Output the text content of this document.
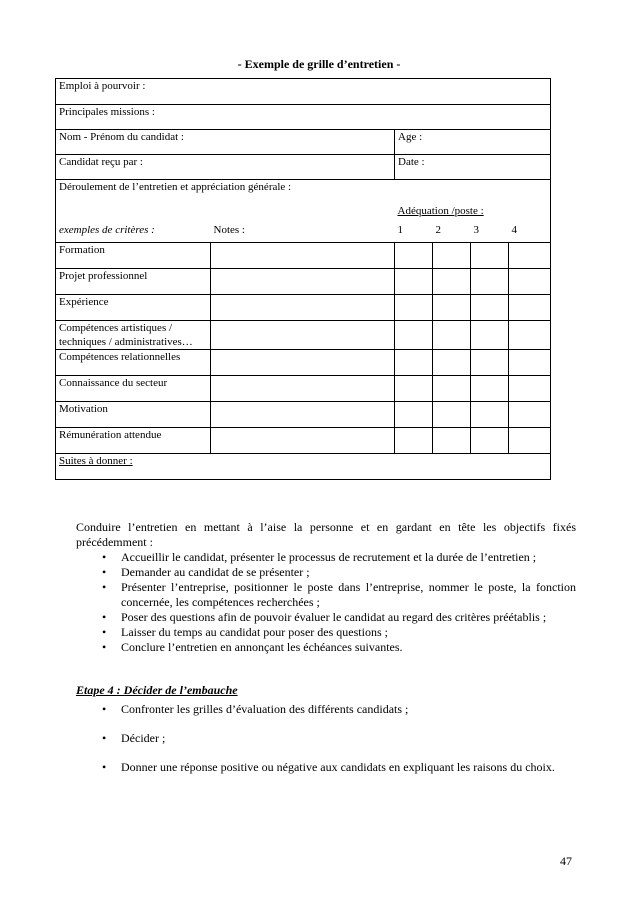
- Exemple de grille d’entretien -
Emploi à pourvoir :					
Principales missions :					
Nom - Prénom du candidat :		Age :			
Candidat reçu par :		Date :			
Déroulement de l’entretien et appréciation générale :					
		Adéquation /poste :			
exemples de critères :	Notes :	1	2	3	4
Formation					
Projet professionnel					
Expérience					
Compétences artistiques / techniques / administratives…					
Compétences relationnelles					
Connaissance du secteur					
Motivation					
Rémunération attendue					
Suites à donner :					
Conduire l’entretien en mettant à l’aise la personne et en gardant en tête les objectifs fixés précédemment :
• Accueillir le candidat, présenter le processus de recrutement et la durée de l’entretien ;
• Demander au candidat de se présenter ;
• Présenter l’entreprise, positionner le poste dans l’entreprise, nommer le poste, la fonction concernée, les compétences recherchées ;
• Poser des questions afin de pouvoir évaluer le candidat au regard des critères préétablis ;
• Laisser du temps au candidat pour poser des questions ;
• Conclure l’entretien en annonçant les échéances suivantes.
Etape 4 : Décider de l’embauche
• Confronter les grilles d’évaluation des différents candidats ;
• Décider ;
• Donner une réponse positive ou négative aux candidats en expliquant les raisons du choix.
47
